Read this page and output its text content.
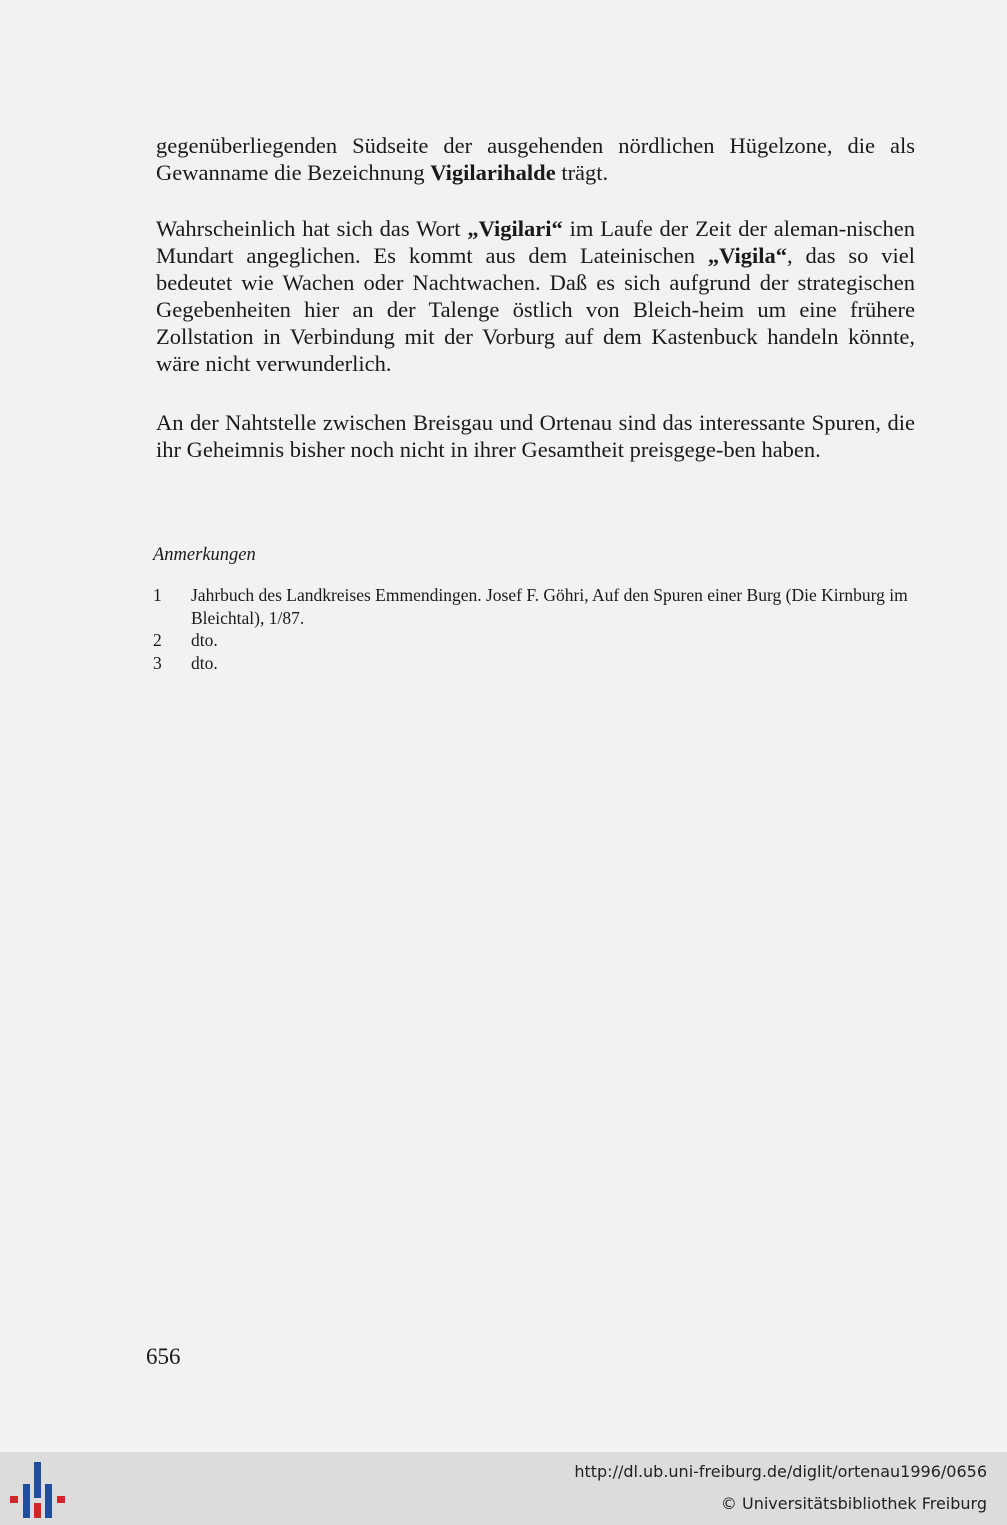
gegenüberliegenden Südseite der ausgehenden nördlichen Hügelzone, die als Gewanname die Bezeichnung Vigilarihalde trägt.
Wahrscheinlich hat sich das Wort „Vigilari“ im Laufe der Zeit der aleman-nischen Mundart angeglichen. Es kommt aus dem Lateinischen „Vigila“, das so viel bedeutet wie Wachen oder Nachtwachen. Daß es sich aufgrund der strategischen Gegebenheiten hier an der Talenge östlich von Bleich-heim um eine frühere Zollstation in Verbindung mit der Vorburg auf dem Kastenbuck handeln könnte, wäre nicht verwunderlich.
An der Nahtstelle zwischen Breisgau und Ortenau sind das interessante Spuren, die ihr Geheimnis bisher noch nicht in ihrer Gesamtheit preisgege-ben haben.
Anmerkungen
1	Jahrbuch des Landkreises Emmendingen. Josef F. Göhri, Auf den Spuren einer Burg (Die Kirnburg im Bleichtal), 1/87.
2	dto.
3	dto.
656
http://dl.ub.uni-freiburg.de/diglit/ortenau1996/0656
© Universitätsbibliothek Freiburg
